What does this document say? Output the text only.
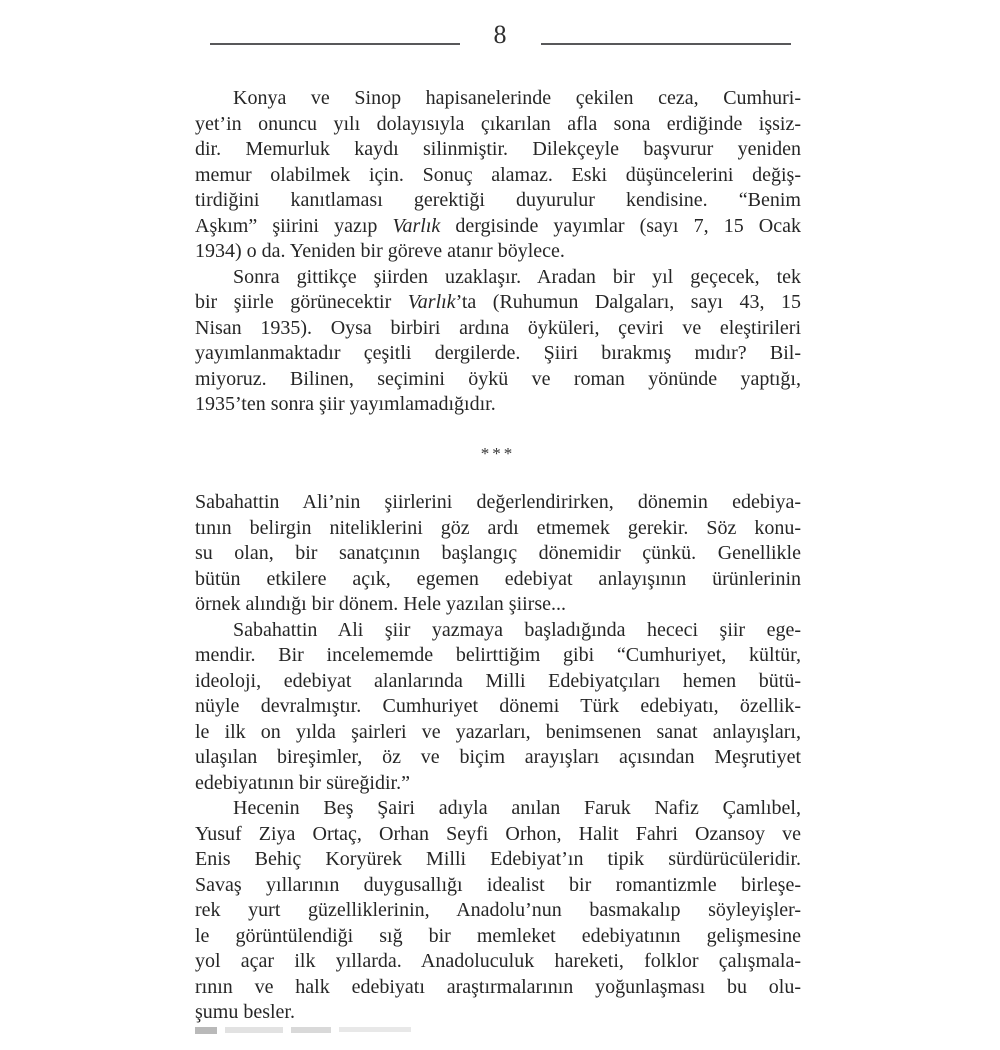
8
Konya ve Sinop hapisanelerinde çekilen ceza, Cumhuri-
yet’in onuncu yılı dolayısıyla çıkarılan afla sona erdiğinde işsiz-
dir. Memurluk kaydı silinmiştir. Dilekçeyle başvurur yeniden
memur olabilmek için. Sonuç alamaz. Eski düşüncelerini değiş-
tirdiğini kanıtlaması gerektiği duyurulur kendisine. “Benim
Aşkım” şiirini yazıp Varlık dergisinde yayımlar (sayı 7, 15 Ocak
1934) o da. Yeniden bir göreve atanır böylece.
Sonra gittikçe şiirden uzaklaşır. Aradan bir yıl geçecek, tek
bir şiirle görünecektir Varlık’ta (Ruhumun Dalgaları, sayı 43, 15
Nisan 1935). Oysa birbiri ardına öyküleri, çeviri ve eleştirileri
yayımlanmaktadır çeşitli dergilerde. Şiiri bırakmış mıdır? Bil-
miyoruz. Bilinen, seçimini öykü ve roman yönünde yaptığı,
1935’ten sonra şiir yayımlamadığıdır.
***
Sabahattin Ali’nin şiirlerini değerlendirirken, dönemin edebiya-
tının belirgin niteliklerini göz ardı etmemek gerekir. Söz konu-
su olan, bir sanatçının başlangıç dönemidir çünkü. Genellikle
bütün etkilere açık, egemen edebiyat anlayışının ürünlerinin
örnek alındığı bir dönem. Hele yazılan şiirse...
Sabahattin Ali şiir yazmaya başladığında hececi şiir ege-
mendir. Bir incelememde belirttiğim gibi “Cumhuriyet, kültür,
ideoloji, edebiyat alanlarında Milli Edebiyatçıları hemen bütü-
nüyle devralmıştır. Cumhuriyet dönemi Türk edebiyatı, özellik-
le ilk on yılda şairleri ve yazarları, benimsenen sanat anlayışları,
ulaşılan bireşimler, öz ve biçim arayışları açısından Meşrutiyet
edebiyatının bir süreğidir.”
Hecenin Beş Şairi adıyla anılan Faruk Nafiz Çamlıbel,
Yusuf Ziya Ortaç, Orhan Seyfi Orhon, Halit Fahri Ozansoy ve
Enis Behiç Koryürek Milli Edebiyat’ın tipik sürdürücüleridir.
Savaş yıllarının duygusallığı idealist bir romantizmle birleşe-
rek yurt güzelliklerinin, Anadolu’nun basmakalıp söyleyişler-
le görüntülendiği sığ bir memleket edebiyatının gelişmesine
yol açar ilk yıllarda. Anadoluculuk hareketi, folklor çalışmala-
rının ve halk edebiyatı araştırmalarının yoğunlaşması bu olu-
şumu besler.
